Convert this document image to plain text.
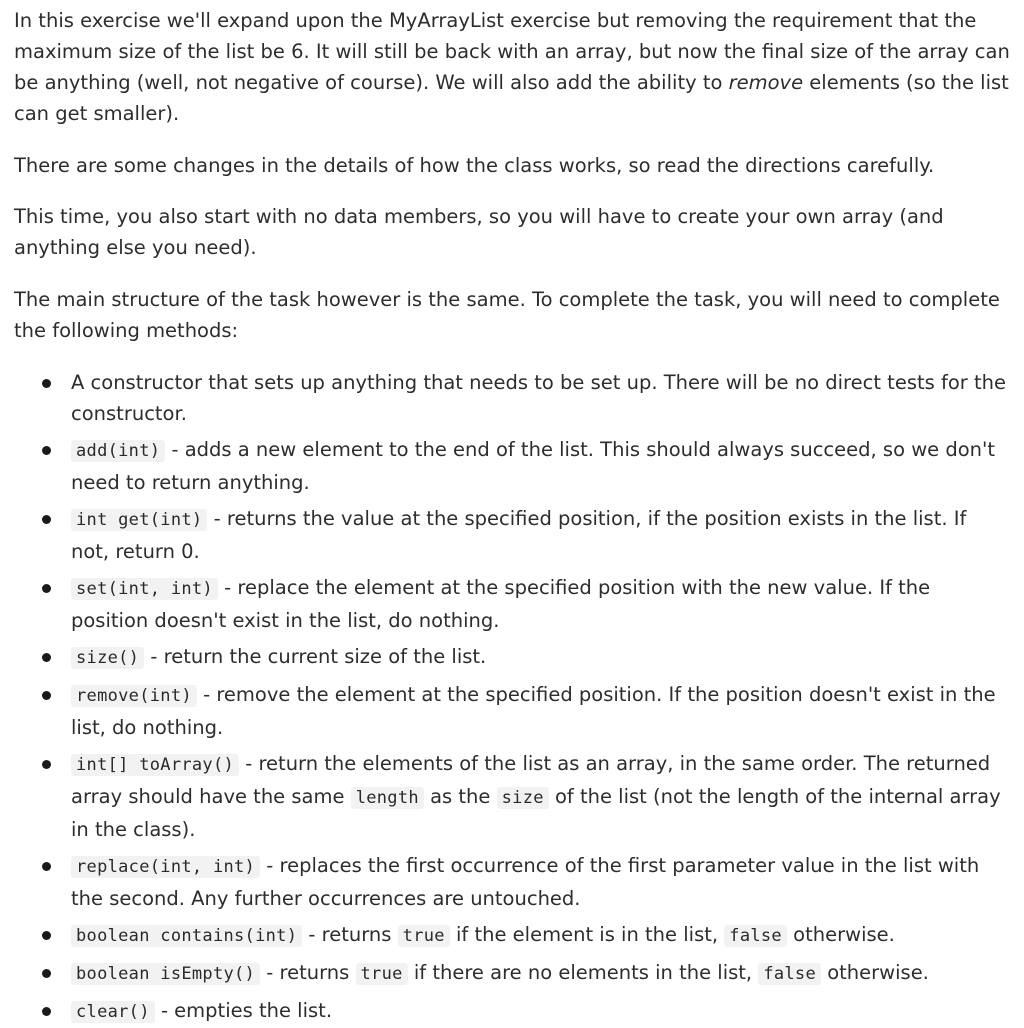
In this exercise we'll expand upon the MyArrayList exercise but removing the requirement that the maximum size of the list be 6. It will still be back with an array, but now the final size of the array can be anything (well, not negative of course). We will also add the ability to remove elements (so the list can get smaller).

There are some changes in the details of how the class works, so read the directions carefully.

This time, you also start with no data members, so you will have to create your own array (and anything else you need).

The main structure of the task however is the same. To complete the task, you will need to complete the following methods:

A constructor that sets up anything that needs to be set up. There will be no direct tests for the constructor.
add(int) - adds a new element to the end of the list. This should always succeed, so we don't need to return anything.
int get(int) - returns the value at the specified position, if the position exists in the list. If not, return 0.
set(int, int) - replace the element at the specified position with the new value. If the position doesn't exist in the list, do nothing.
size() - return the current size of the list.
remove(int) - remove the element at the specified position. If the position doesn't exist in the list, do nothing.
int[] toArray() - return the elements of the list as an array, in the same order. The returned array should have the same length as the size of the list (not the length of the internal array in the class).
replace(int, int) - replaces the first occurrence of the first parameter value in the list with the second. Any further occurrences are untouched.
boolean contains(int) - returns true if the element is in the list, false otherwise.
boolean isEmpty() - returns true if there are no elements in the list, false otherwise.
clear() - empties the list.
